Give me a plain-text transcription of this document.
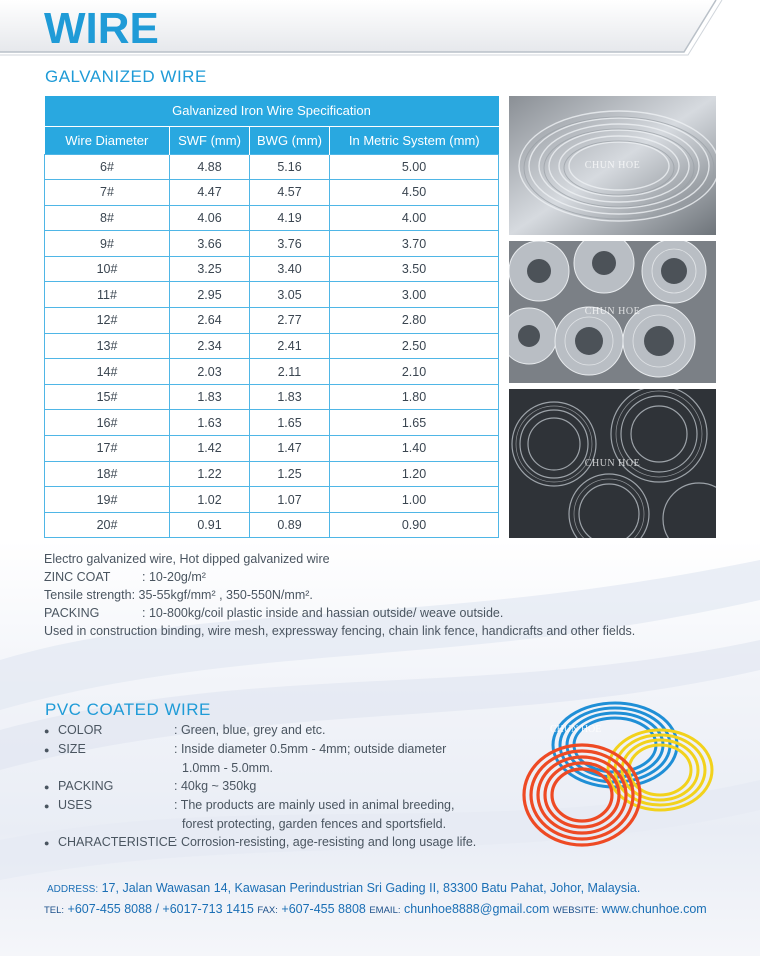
WIRE
GALVANIZED WIRE
Galvanized Iron Wire Specification			
Wire Diameter	SWF (mm)	BWG (mm)	In Metric System (mm)
6#	4.88	5.16	5.00
7#	4.47	4.57	4.50
8#	4.06	4.19	4.00
9#	3.66	3.76	3.70
10#	3.25	3.40	3.50
11#	2.95	3.05	3.00
12#	2.64	2.77	2.80
13#	2.34	2.41	2.50
14#	2.03	2.11	2.10
15#	1.83	1.83	1.80
16#	1.63	1.65	1.65
17#	1.42	1.47	1.40
18#	1.22	1.25	1.20
19#	1.02	1.07	1.00
20#	0.91	0.89	0.90
CHUN HOE
CHUN HOE
CHUN HOE
Electro galvanized wire, Hot dipped galvanized wire
ZINC COAT	: 10-20g/m²
Tensile strength : 35-55kgf/mm² , 350-550N/mm².
PACKING	: 10-800kg/coil plastic inside and hassian outside/ weave outside.
Used in construction binding, wire mesh, expressway fencing, chain link fence, handicrafts and other fields.
PVC COATED WIRE
● COLOR	: Green, blue, grey and etc.
● SIZE	: Inside diameter 0.5mm - 4mm; outside diameter
1.0mm - 5.0mm.
● PACKING	: 40kg ~ 350kg
● USES	: The products are mainly used in animal breeding,
forest protecting, garden fences and sportsfield.
● CHARACTERISTICE
: Corrosion-resisting, age-resisting and long usage life.
CHUN HOE
ADDRESS: 17, Jalan Wawasan 14, Kawasan Perindustrian Sri Gading II, 83300 Batu Pahat, Johor, Malaysia.
TEL: +607-455 8088 / +6017-713 1415 FAX: +607-455 8808 EMAIL: chunhoe8888@gmail.com WEBSITE: www.chunhoe.com
